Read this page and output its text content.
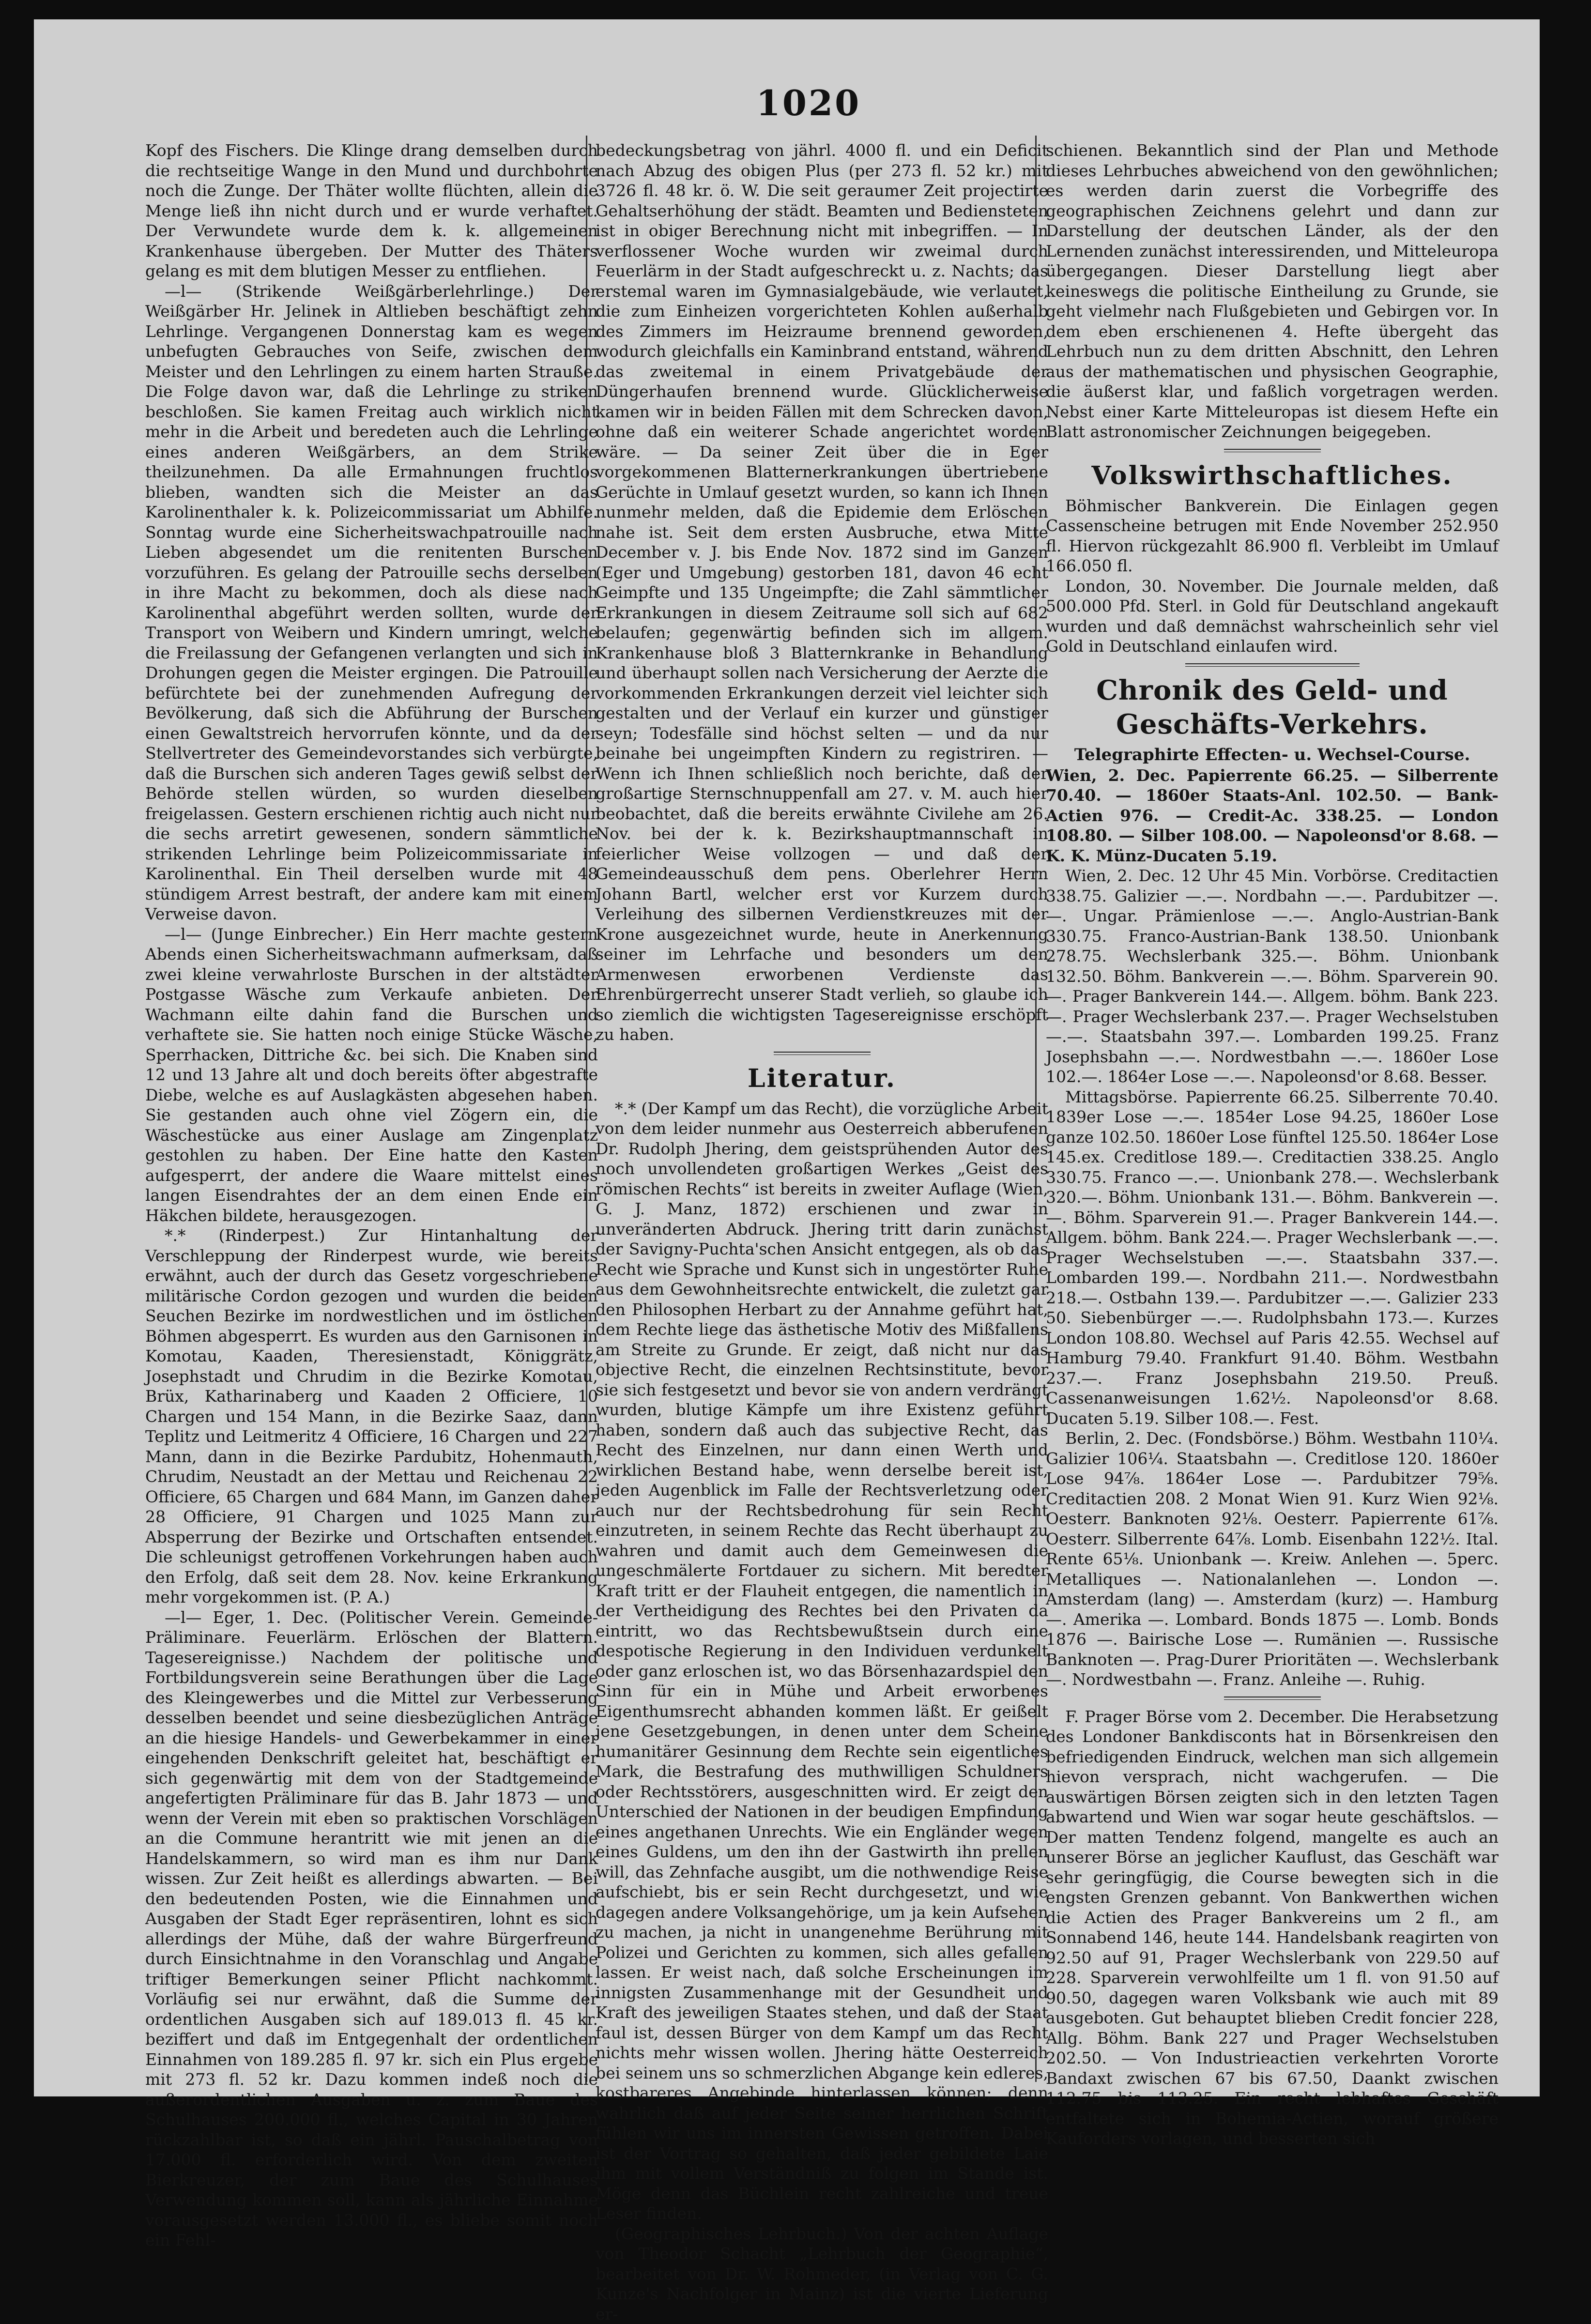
1020

Kopf des Fischers. Die Klinge drang demselben durch die rechtseitige Wange in den Mund und durchbohrte noch die Zunge. Der Thäter wollte flüchten, allein die Menge ließ ihn nicht durch und er wurde verhaftet. Der Verwundete wurde dem k. k. allgemeinen Krankenhause übergeben. Der Mutter des Thäters gelang es mit dem blutigen Messer zu entfliehen.

—l— (Strikende Weißgärberlehrlinge.) Der Weißgärber Hr. Jelinek in Altlieben beschäftigt zehn Lehrlinge. Vergangenen Donnerstag kam es wegen unbefugten Gebrauches von Seife, zwischen dem Meister und den Lehrlingen zu einem harten Strauße. Die Folge davon war, daß die Lehrlinge zu striken beschloßen. Sie kamen Freitag auch wirklich nicht mehr in die Arbeit und beredeten auch die Lehrlinge eines anderen Weißgärbers, an dem Strike theilzunehmen. Da alle Ermahnungen fruchtlos blieben, wandten sich die Meister an das Karolinenthaler k. k. Polizeicommissariat um Abhilfe. Sonntag wurde eine Sicherheitswachpatrouille nach Lieben abgesendet um die renitenten Burschen vorzuführen. Es gelang der Patrouille sechs derselben in ihre Macht zu bekommen, doch als diese nach Karolinenthal abgeführt werden sollten, wurde der Transport von Weibern und Kindern umringt, welche die Freilassung der Gefangenen verlangten und sich in Drohungen gegen die Meister ergingen. Die Patrouille befürchtete bei der zunehmenden Aufregung der Bevölkerung, daß sich die Abführung der Burschen einen Gewaltstreich hervorrufen könnte, und da der Stellvertreter des Gemeindevorstandes sich verbürgte, daß die Burschen sich anderen Tages gewiß selbst der Behörde stellen würden, so wurden dieselben freigelassen. Gestern erschienen richtig auch nicht nur die sechs arretirt gewesenen, sondern sämmtliche strikenden Lehrlinge beim Polizeicommissariate in Karolinenthal. Ein Theil derselben wurde mit 48 stündigem Arrest bestraft, der andere kam mit einem Verweise davon.

—l— (Junge Einbrecher.) Ein Herr machte gestern Abends einen Sicherheitswachmann aufmerksam, daß zwei kleine verwahrloste Burschen in der altstädter Postgasse Wäsche zum Verkaufe anbieten. Der Wachmann eilte dahin fand die Burschen und verhaftete sie. Sie hatten noch einige Stücke Wäsche, Sperrhacken, Dittriche &c. bei sich. Die Knaben sind 12 und 13 Jahre alt und doch bereits öfter abgestrafte Diebe, welche es auf Auslagkästen abgesehen haben. Sie gestanden auch ohne viel Zögern ein, die Wäschestücke aus einer Auslage am Zingenplatz gestohlen zu haben. Der Eine hatte den Kasten aufgesperrt, der andere die Waare mittelst eines langen Eisendrahtes der an dem einen Ende ein Häkchen bildete, herausgezogen.

*.* (Rinderpest.) Zur Hintanhaltung der Verschleppung der Rinderpest wurde, wie bereits erwähnt, auch der durch das Gesetz vorgeschriebene militärische Cordon gezogen und wurden die beiden Seuchen Bezirke im nordwestlichen und im östlichen Böhmen abgesperrt. Es wurden aus den Garnisonen in Komotau, Kaaden, Theresienstadt, Königgrätz, Josephstadt und Chrudim in die Bezirke Komotau, Brüx, Katharinaberg und Kaaden 2 Officiere, 10 Chargen und 154 Mann, in die Bezirke Saaz, dann Teplitz und Leitmeritz 4 Officiere, 16 Chargen und 227 Mann, dann in die Bezirke Pardubitz, Hohenmauth, Chrudim, Neustadt an der Mettau und Reichenau 22 Officiere, 65 Chargen und 684 Mann, im Ganzen daher 28 Officiere, 91 Chargen und 1025 Mann zur Absperrung der Bezirke und Ortschaften entsendet. Die schleunigst getroffenen Vorkehrungen haben auch den Erfolg, daß seit dem 28. Nov. keine Erkrankung mehr vorgekommen ist. (P. A.)

—l— Eger, 1. Dec. (Politischer Verein. Gemeinde-Präliminare. Feuerlärm. Erlöschen der Blattern. Tagesereignisse.) Nachdem der politische und Fortbildungsverein seine Berathungen über die Lage des Kleingewerbes und die Mittel zur Verbesserung desselben beendet und seine diesbezüglichen Anträge an die hiesige Handels- und Gewerbekammer in einer eingehenden Denkschrift geleitet hat, beschäftigt er sich gegenwärtig mit dem von der Stadtgemeinde angefertigten Präliminare für das B. Jahr 1873 — und wenn der Verein mit eben so praktischen Vorschlägen an die Commune herantritt wie mit jenen an die Handelskammern, so wird man es ihm nur Dank wissen. Zur Zeit heißt es allerdings abwarten. — Bei den bedeutenden Posten, wie die Einnahmen und Ausgaben der Stadt Eger repräsentiren, lohnt es sich allerdings der Mühe, daß der wahre Bürgerfreund durch Einsichtnahme in den Voranschlag und Angabe triftiger Bemerkungen seiner Pflicht nachkommt. Vorläufig sei nur erwähnt, daß die Summe der ordentlichen Ausgaben sich auf 189.013 fl. 45 kr. beziffert und daß im Entgegenhalt der ordentlichen Einnahmen von 189.285 fl. 97 kr. sich ein Plus ergebe mit 273 fl. 52 kr. Dazu kommen indeß noch die außerordentlichen Ausgaben u. z. zum Baue des Schulhauses 200.000 fl., welches Capital in 30 Jahren rückzahlbar ist, so daß ein jährl. Pauschalbetrag von 17.000 fl. erforderlich wird. Von dem zweiten Bierkreuzer, der zum Baue des Schulhauses Verwendung kommen soll, kann als jährliche Einnahme vorausgesetzt werden 13.000 fl., es bliebe somit noch ein Fehl-

bedeckungsbetrag von jährl. 4000 fl. und ein Deficit nach Abzug des obigen Plus (per 273 fl. 52 kr.) mit 3726 fl. 48 kr. ö. W. Die seit geraumer Zeit projectirte Gehaltserhöhung der städt. Beamten und Bediensteten ist in obiger Berechnung nicht mit inbegriffen. — In verflossener Woche wurden wir zweimal durch Feuerlärm in der Stadt aufgeschreckt u. z. Nachts; das erstemal waren im Gymnasialgebäude, wie verlautet, die zum Einheizen vorgerichteten Kohlen außerhalb des Zimmers im Heizraume brennend geworden, wodurch gleichfalls ein Kaminbrand entstand, während das zweitemal in einem Privatgebäude der Düngerhaufen brennend wurde. Glücklicherweise kamen wir in beiden Fällen mit dem Schrecken davon, ohne daß ein weiterer Schade angerichtet worden wäre. — Da seiner Zeit über die in Eger vorgekommenen Blatternerkrankungen übertriebene Gerüchte in Umlauf gesetzt wurden, so kann ich Ihnen nunmehr melden, daß die Epidemie dem Erlöschen nahe ist. Seit dem ersten Ausbruche, etwa Mitte December v. J. bis Ende Nov. 1872 sind im Ganzen (Eger und Umgebung) gestorben 181, davon 46 echt Geimpfte und 135 Ungeimpfte; die Zahl sämmtlicher Erkrankungen in diesem Zeitraume soll sich auf 682 belaufen; gegenwärtig befinden sich im allgem. Krankenhause bloß 3 Blatternkranke in Behandlung und überhaupt sollen nach Versicherung der Aerzte die vorkommenden Erkrankungen derzeit viel leichter sich gestalten und der Verlauf ein kurzer und günstiger seyn; Todesfälle sind höchst selten — und da nur beinahe bei ungeimpften Kindern zu registriren. — Wenn ich Ihnen schließlich noch berichte, daß der großartige Sternschnuppenfall am 27. v. M. auch hier beobachtet, daß die bereits erwähnte Civilehe am 26. Nov. bei der k. k. Bezirkshauptmannschaft in feierlicher Weise vollzogen — und daß der Gemeindeausschuß dem pens. Oberlehrer Herrn Johann Bartl, welcher erst vor Kurzem durch Verleihung des silbernen Verdienstkreuzes mit der Krone ausgezeichnet wurde, heute in Anerkennung seiner im Lehrfache und besonders um den Armenwesen erworbenen Verdienste das Ehrenbürgerrecht unserer Stadt verlieh, so glaube ich so ziemlich die wichtigsten Tagesereignisse erschöpft zu haben.

Literatur.

*.* (Der Kampf um das Recht), die vorzügliche Arbeit von dem leider nunmehr aus Oesterreich abberufenen Dr. Rudolph Jhering, dem geistsprühenden Autor des noch unvollendeten großartigen Werkes „Geist des römischen Rechts“ ist bereits in zweiter Auflage (Wien, G. J. Manz, 1872) erschienen und zwar in unveränderten Abdruck. Jhering tritt darin zunächst der Savigny-Puchta'schen Ansicht entgegen, als ob das Recht wie Sprache und Kunst sich in ungestörter Ruhe aus dem Gewohnheitsrechte entwickelt, die zuletzt gar den Philosophen Herbart zu der Annahme geführt hat, dem Rechte liege das ästhetische Motiv des Mißfallens am Streite zu Grunde. Er zeigt, daß nicht nur das objective Recht, die einzelnen Rechtsinstitute, bevor sie sich festgesetzt und bevor sie von andern verdrängt wurden, blutige Kämpfe um ihre Existenz geführt haben, sondern daß auch das subjective Recht, das Recht des Einzelnen, nur dann einen Werth und wirklichen Bestand habe, wenn derselbe bereit ist, jeden Augenblick im Falle der Rechtsverletzung oder auch nur der Rechtsbedrohung für sein Recht einzutreten, in seinem Rechte das Recht überhaupt zu wahren und damit auch dem Gemeinwesen die ungeschmälerte Fortdauer zu sichern. Mit beredter Kraft tritt er der Flauheit entgegen, die namentlich in der Vertheidigung des Rechtes bei den Privaten da eintritt, wo das Rechtsbewußtsein durch eine despotische Regierung in den Individuen verdunkelt oder ganz erloschen ist, wo das Börsenhazardspiel den Sinn für ein in Mühe und Arbeit erworbenes Eigenthumsrecht abhanden kommen läßt. Er geißelt jene Gesetzgebungen, in denen unter dem Scheine humanitärer Gesinnung dem Rechte sein eigentliches Mark, die Bestrafung des muthwilligen Schuldners oder Rechtsstörers, ausgeschnitten wird. Er zeigt den Unterschied der Nationen in der beudigen Empfindung eines angethanen Unrechts. Wie ein Engländer wegen eines Guldens, um den ihn der Gastwirth ihn prellen will, das Zehnfache ausgibt, um die nothwendige Reise aufschiebt, bis er sein Recht durchgesetzt, und wie dagegen andere Volksangehörige, um ja kein Aufsehen zu machen, ja nicht in unangenehme Berührung mit Polizei und Gerichten zu kommen, sich alles gefallen lassen. Er weist nach, daß solche Erscheinungen im innigsten Zusammenhange mit der Gesundheit und Kraft des jeweiligen Staates stehen, und daß der Staat faul ist, dessen Bürger von dem Kampf um das Recht nichts mehr wissen wollen. Jhering hätte Oesterreich bei seinem uns so schmerzlichen Abgange kein edleres, kostbareres Angebinde hinterlassen können; denn wahrlich daß auf jeder Seite seiner herrlichen Schrift fühlen wir uns im innersten Gewissen getroffen. Dabei ist der Vortrag so gehalten, daß jeder gebildete Laie ihm mit vollem Verständniß zu folgen im Stande ist. Möge denn das Büchlein recht zahlreiche und treue Leser finden.

(Geographisches Lehrbuch.) Von der achten Auflage von Theodor Schacht „Lehrbuch der Geographie“, bearbeitet von Dr. W. Rohmeder, (in Verlag von C. G. Kunze's Nachfolger in Mainz) ist die vierte Lieferung er-

schienen. Bekanntlich sind der Plan und Methode dieses Lehrbuches abweichend von den gewöhnlichen; es werden darin zuerst die Vorbegriffe des geographischen Zeichnens gelehrt und dann zur Darstellung der deutschen Länder, als der den Lernenden zunächst interessirenden, und Mitteleuropa übergegangen. Dieser Darstellung liegt aber keineswegs die politische Eintheilung zu Grunde, sie geht vielmehr nach Flußgebieten und Gebirgen vor. In dem eben erschienenen 4. Hefte übergeht das Lehrbuch nun zu dem dritten Abschnitt, den Lehren aus der mathematischen und physischen Geographie, die äußerst klar, und faßlich vorgetragen werden. Nebst einer Karte Mitteleuropas ist diesem Hefte ein Blatt astronomischer Zeichnungen beigegeben.

Volkswirthschaftliches.

Böhmischer Bankverein. Die Einlagen gegen Cassenscheine betrugen mit Ende November 252.950 fl. Hiervon rückgezahlt 86.900 fl. Verbleibt im Umlauf 166.050 fl.

London, 30. November. Die Journale melden, daß 500.000 Pfd. Sterl. in Gold für Deutschland angekauft wurden und daß demnächst wahrscheinlich sehr viel Gold in Deutschland einlaufen wird.

Chronik des Geld- und Geschäfts-Verkehrs.
Telegraphirte Effecten- u. Wechsel-Course.

Wien, 2. Dec. Papierrente 66.25. — Silberrente 70.40. — 1860er Staats-Anl. 102.50. — Bank-Actien 976. — Credit-Ac. 338.25. — London 108.80. — Silber 108.00. — Napoleonsd'or 8.68. — K. K. Münz-Ducaten 5.19.

Wien, 2. Dec. 12 Uhr 45 Min. Vorbörse. Creditactien 338.75. Galizier —.—. Nordbahn —.—. Pardubitzer —.—. Ungar. Prämienlose —.—. Anglo-Austrian-Bank 330.75. Franco-Austrian-Bank 138.50. Unionbank 278.75. Wechslerbank 325.—. Böhm. Unionbank 132.50. Böhm. Bankverein —.—. Böhm. Sparverein 90.—. Prager Bankverein 144.—. Allgem. böhm. Bank 223.—. Prager Wechslerbank 237.—. Prager Wechselstuben —.—. Staatsbahn 397.—. Lombarden 199.25. Franz Josephsbahn —.—. Nordwestbahn —.—. 1860er Lose 102.—. 1864er Lose —.—. Napoleonsd'or 8.68. Besser.

Mittagsbörse. Papierrente 66.25. Silberrente 70.40. 1839er Lose —.—. 1854er Lose 94.25, 1860er Lose ganze 102.50. 1860er Lose fünftel 125.50. 1864er Lose 145.ex. Creditlose 189.—. Creditactien 338.25. Anglo 330.75. Franco —.—. Unionbank 278.—. Wechslerbank 320.—. Böhm. Unionbank 131.—. Böhm. Bankverein —.—. Böhm. Sparverein 91.—. Prager Bankverein 144.—. Allgem. böhm. Bank 224.—. Prager Wechslerbank —.—. Prager Wechselstuben —.—. Staatsbahn 337.—. Lombarden 199.—. Nordbahn 211.—. Nordwestbahn 218.—. Ostbahn 139.—. Pardubitzer —.—. Galizier 233 50. Siebenbürger —.—. Rudolphsbahn 173.—. Kurzes London 108.80. Wechsel auf Paris 42.55. Wechsel auf Hamburg 79.40. Frankfurt 91.40. Böhm. Westbahn 237.—. Franz Josephsbahn 219.50. Preuß. Cassenanweisungen 1.62½. Napoleonsd'or 8.68. Ducaten 5.19. Silber 108.—. Fest.

Berlin, 2. Dec. (Fondsbörse.) Böhm. Westbahn 110¼. Galizier 106¼. Staatsbahn —. Creditlose 120. 1860er Lose 94⅞. 1864er Lose —. Pardubitzer 79⅝. Creditactien 208. 2 Monat Wien 91. Kurz Wien 92⅛. Oesterr. Banknoten 92⅛. Oesterr. Papierrente 61⅞. Oesterr. Silberrente 64⅞. Lomb. Eisenbahn 122½. Ital. Rente 65⅛. Unionbank —. Kreiw. Anlehen —. 5perc. Metalliques —. Nationalanlehen —. London —. Amsterdam (lang) —. Amsterdam (kurz) —. Hamburg —. Amerika —. Lombard. Bonds 1875 —. Lomb. Bonds 1876 —. Bairische Lose —. Rumänien —. Russische Banknoten —. Prag-Durer Prioritäten —. Wechslerbank —. Nordwestbahn —. Franz. Anleihe —. Ruhig.

F. Prager Börse vom 2. December. Die Herabsetzung des Londoner Bankdisconts hat in Börsenkreisen den befriedigenden Eindruck, welchen man sich allgemein hievon versprach, nicht wachgerufen. — Die auswärtigen Börsen zeigten sich in den letzten Tagen abwartend und Wien war sogar heute geschäftslos. — Der matten Tendenz folgend, mangelte es auch an unserer Börse an jeglicher Kauflust, das Geschäft war sehr geringfügig, die Course bewegten sich in die engsten Grenzen gebannt. Von Bankwerthen wichen die Actien des Prager Bankvereins um 2 fl., am Sonnabend 146, heute 144. Handelsbank reagirten von 92.50 auf 91, Prager Wechslerbank von 229.50 auf 228. Sparverein verwohlfeilte um 1 fl. von 91.50 auf 90.50, dagegen waren Volksbank wie auch mit 89 ausgeboten. Gut behauptet blieben Credit foncier 228, Allg. Böhm. Bank 227 und Prager Wechselstuben 202.50. — Von Industrieactien verkehrten Vororte Bandaxt zwischen 67 bis 67.50, Daankt zwischen 112.75 bis 113.25. Ein recht lebhaftes Geschäft entfaltete sich in Bohemia-Actien, worauf größere Kauforders vorlagen, und besserten sich
